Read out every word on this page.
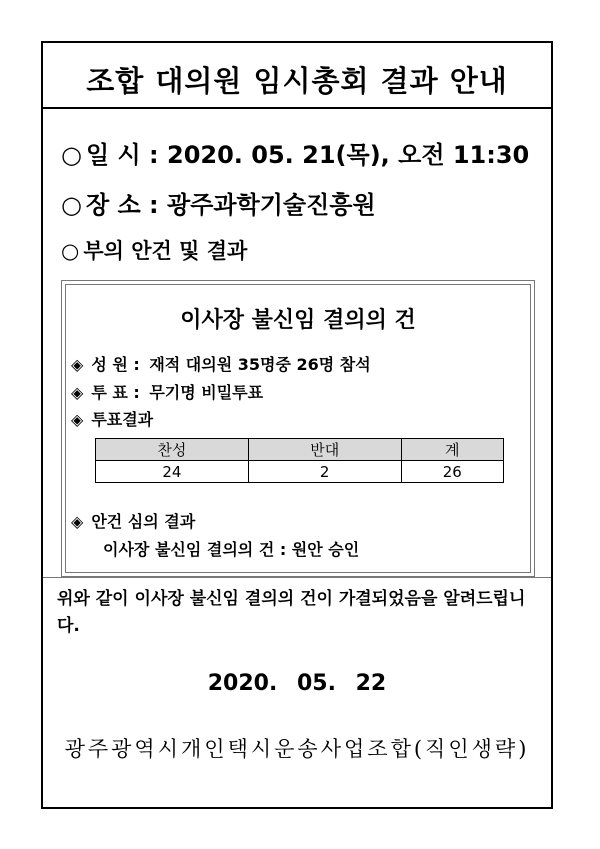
조합 대의원 임시총회 결과 안내
○ 일 시 : 2020. 05. 21(목), 오전 11:30
○ 장 소 : 광주과학기술진흥원
○ 부의 안건 및 결과
이사장 불신임 결의의 건
◈ 성 원 : 재적 대의원 35명중 26명 참석
◈ 투 표 : 무기명 비밀투표
◈ 투표결과
찬성	반대	계
24	2	26
◈ 안건 심의 결과
이사장 불신임 결의의 건 : 원안 승인
위와 같이 이사장 불신임 결의의 건이 가결되었음을 알려드립니다.
2020. 05. 22
광주광역시개인택시운송사업조합(직인생략)
